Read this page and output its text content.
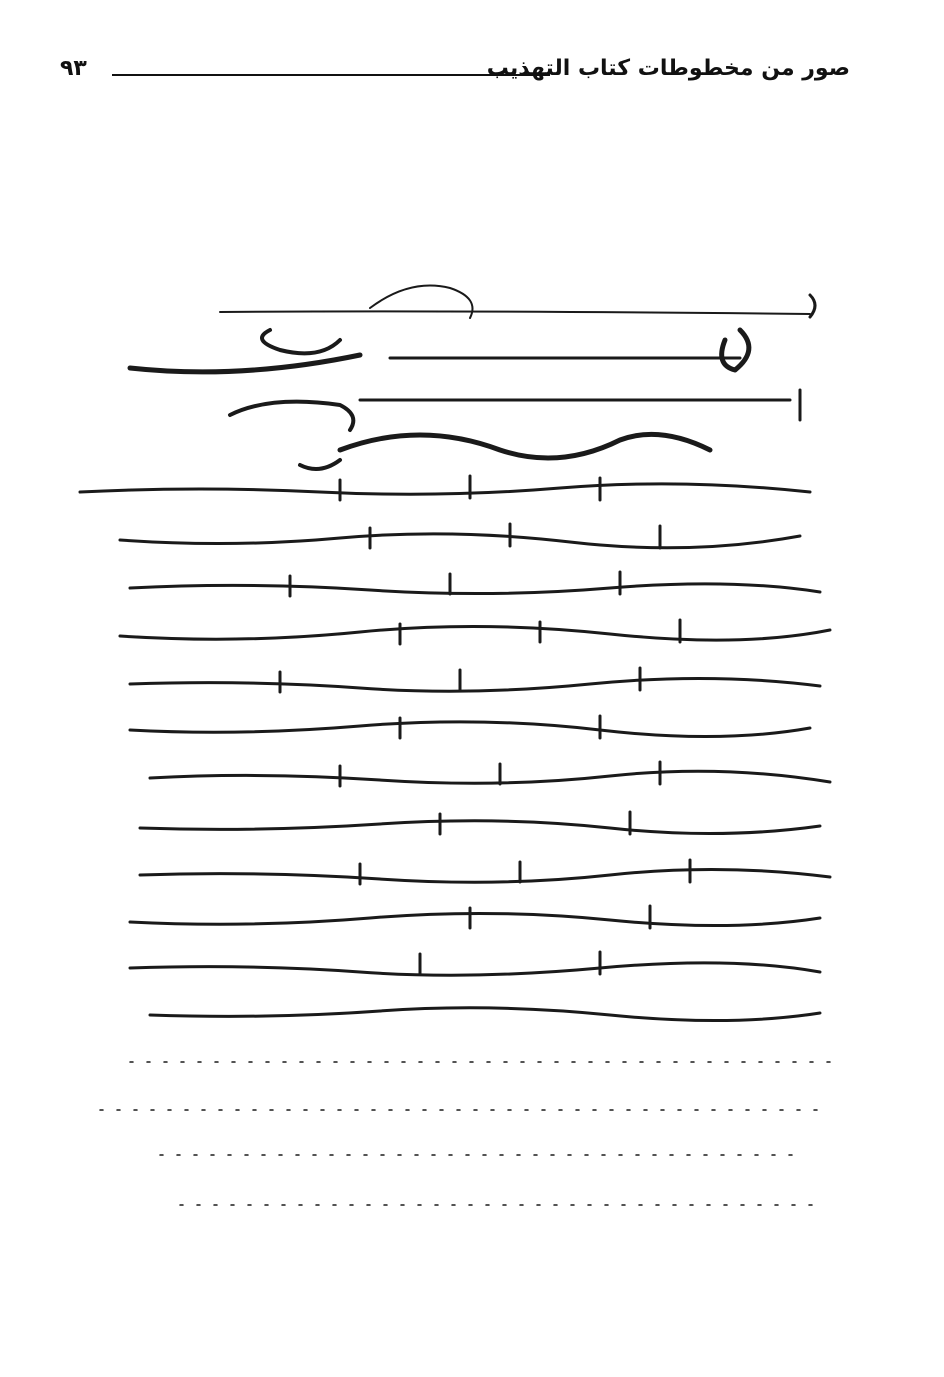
صور من مخطوطات كتاب التهذيب
٩٣
